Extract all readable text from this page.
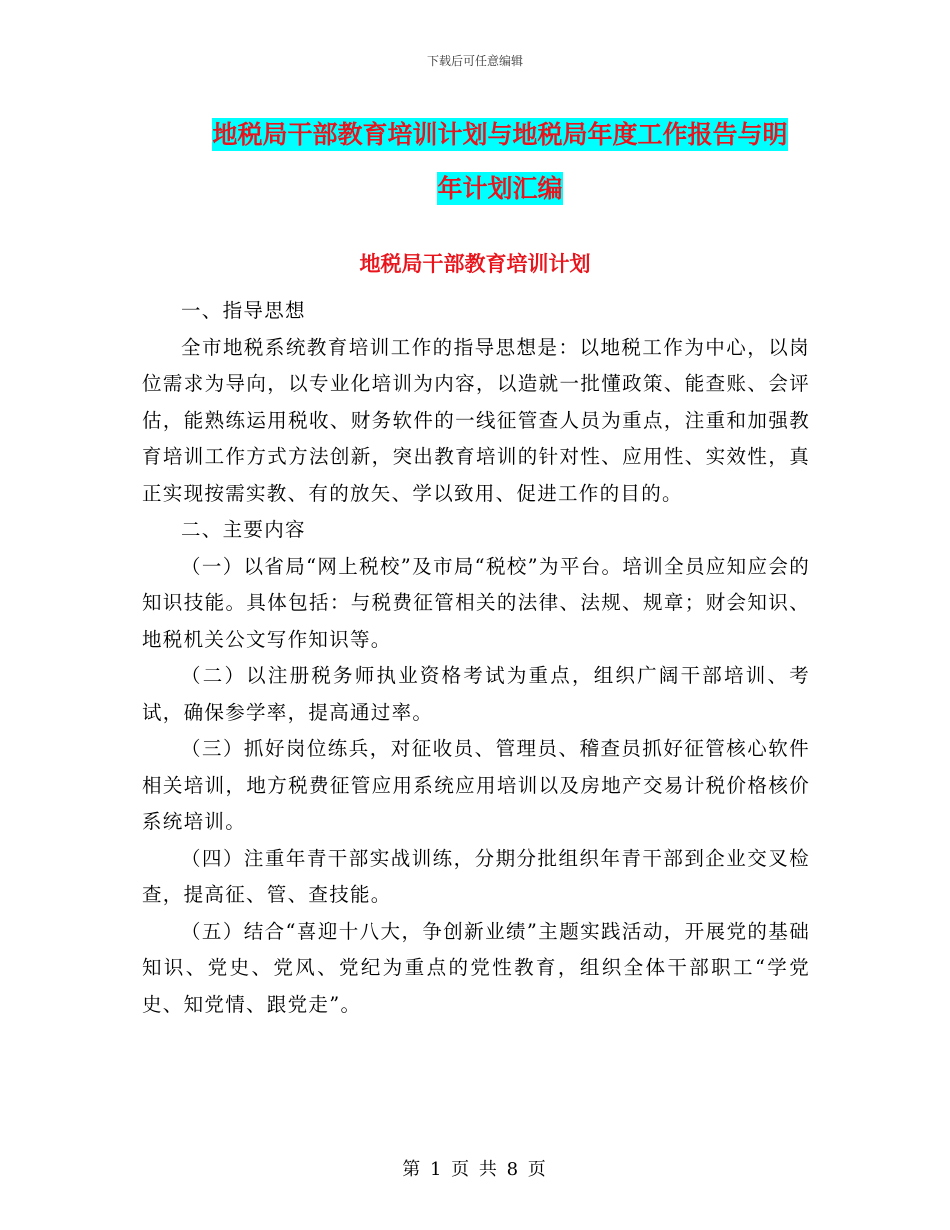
下载后可任意编辑
地税局干部教育培训计划与地税局年度工作报告与明
年计划汇编
地税局干部教育培训计划

一、指导思想

全市地税系统教育培训工作的指导思想是：以地税工作为中心，以岗位需求为导向，以专业化培训为内容，以造就一批懂政策、能查账、会评估，能熟练运用税收、财务软件的一线征管查人员为重点，注重和加强教育培训工作方式方法创新，突出教育培训的针对性、应用性、实效性，真正实现按需实教、有的放矢、学以致用、促进工作的目的。

二、主要内容

（一）以省局“网上税校”及市局“税校”为平台。培训全员应知应会的知识技能。具体包括：与税费征管相关的法律、法规、规章；财会知识、地税机关公文写作知识等。

（二）以注册税务师执业资格考试为重点，组织广阔干部培训、考试，确保参学率，提高通过率。

（三）抓好岗位练兵，对征收员、管理员、稽查员抓好征管核心软件相关培训，地方税费征管应用系统应用培训以及房地产交易计税价格核价系统培训。

（四）注重年青干部实战训练，分期分批组织年青干部到企业交叉检查，提高征、管、查技能。

（五）结合“喜迎十八大，争创新业绩”主题实践活动，开展党的基础知识、党史、党风、党纪为重点的党性教育，组织全体干部职工“学党史、知党情、跟党走”。

第 1 页 共 8 页
